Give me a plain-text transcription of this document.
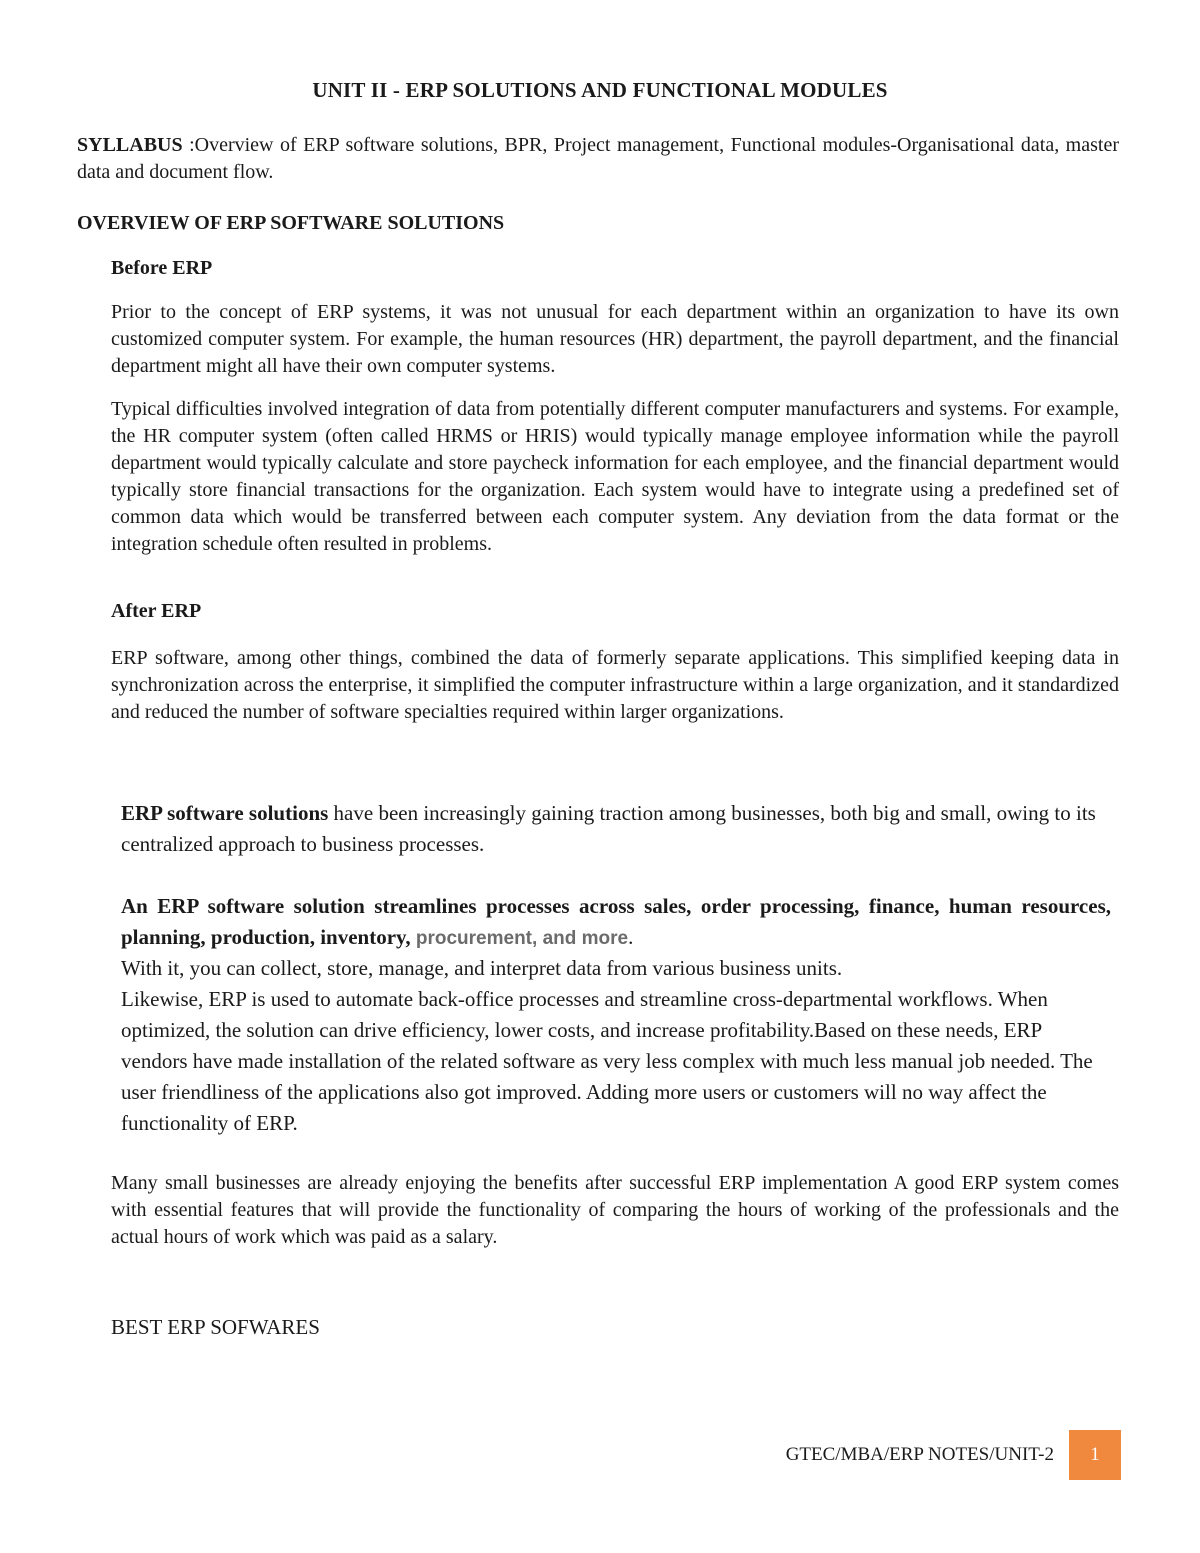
UNIT II - ERP SOLUTIONS AND FUNCTIONAL MODULES
SYLLABUS :Overview of ERP software solutions, BPR, Project management, Functional modules-Organisational data, master data and document flow.
OVERVIEW OF ERP SOFTWARE SOLUTIONS
Before ERP
Prior to the concept of ERP systems, it was not unusual for each department within an organization to have its own customized computer system. For example, the human resources (HR) department, the payroll department, and the financial department might all have their own computer systems.
Typical difficulties involved integration of data from potentially different computer manufacturers and systems. For example, the HR computer system (often called HRMS or HRIS) would typically manage employee information while the payroll department would typically calculate and store paycheck information for each employee, and the financial department would typically store financial transactions for the organization. Each system would have to integrate using a predefined set of common data which would be transferred between each computer system. Any deviation from the data format or the integration schedule often resulted in problems.
After ERP
ERP software, among other things, combined the data of formerly separate applications. This simplified keeping data in synchronization across the enterprise, it simplified the computer infrastructure within a large organization, and it standardized and reduced the number of software specialties required within larger organizations.
ERP software solutions have been increasingly gaining traction among businesses, both big and small, owing to its centralized approach to business processes.
An ERP software solution streamlines processes across sales, order processing, finance, human resources, planning, production, inventory, procurement, and more.
With it, you can collect, store, manage, and interpret data from various business units.
Likewise, ERP is used to automate back-office processes and streamline cross-departmental workflows. When optimized, the solution can drive efficiency, lower costs, and increase profitability.Based on these needs, ERP vendors have made installation of the related software as very less complex with much less manual job needed. The user friendliness of the applications also got improved. Adding more users or customers will no way affect the functionality of ERP.
Many small businesses are already enjoying the benefits after successful ERP implementation A good ERP system comes with essential features that will provide the functionality of comparing the hours of working of the professionals and the actual hours of work which was paid as a salary.
BEST ERP SOFWARES
GTEC/MBA/ERP NOTES/UNIT-2	1
